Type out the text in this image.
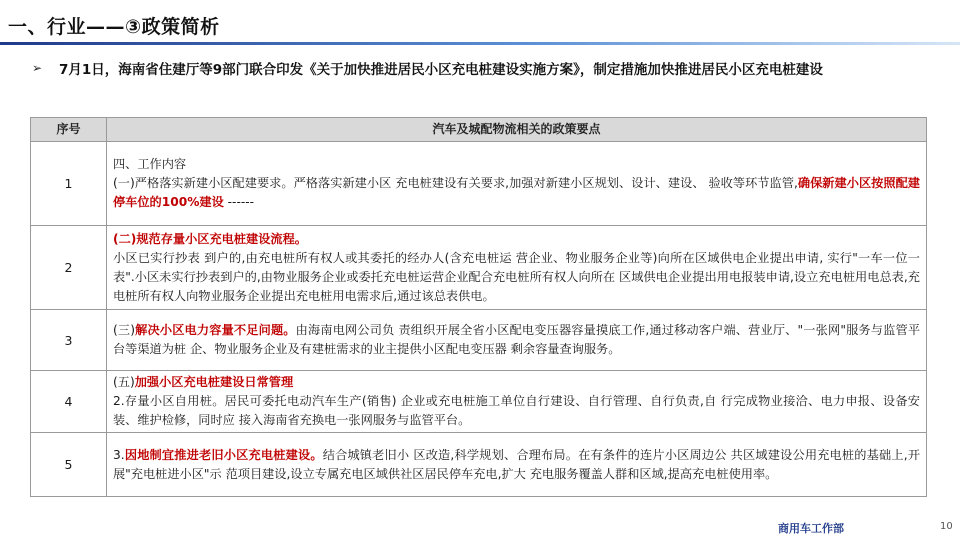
一、行业——③政策简析
➢ 7月1日，海南省住建厅等9部门联合印发《关于加快推进居民小区充电桩建设实施方案》，制定措施加快推进居民小区充电桩建设
序号	汽车及城配物流相关的政策要点
1	四、工作内容
(一)严格落实新建小区配建要求。严格落实新建小区 充电桩建设有关要求,加强对新建小区规划、设计、建设、 验收等环节监管,确保新建小区按照配建停车位的100%建设 ------
2	(二)规范存量小区充电桩建设流程。
小区已实行抄表 到户的,由充电桩所有权人或其委托的经办人(含充电桩运 营企业、物业服务企业等)向所在区域供电企业提出申请, 实行"一车一位一表".小区未实行抄表到户的,由物业服务企业或委托充电桩运营企业配合充电桩所有权人向所在 区域供电企业提出用电报装申请,设立充电桩用电总表,充 电桩所有权人向物业服务企业提出充电桩用电需求后,通过该总表供电。
3	(三)解决小区电力容量不足问题。由海南电网公司负 责组织开展全省小区配电变压器容量摸底工作,通过移动客户端、营业厅、"一张网"服务与监管平台等渠道为桩 企、物业服务企业及有建桩需求的业主提供小区配电变压器 剩余容量查询服务。
4	(五)加强小区充电桩建设日常管理
2.存量小区自用桩。居民可委托电动汽车生产(销售) 企业或充电桩施工单位自行建设、自行管理、自行负责,自 行完成物业接洽、电力申报、设备安装、维护检修，同时应 接入海南省充换电一张网服务与监管平台。
5	3.因地制宜推进老旧小区充电桩建设。结合城镇老旧小 区改造,科学规划、合理布局。在有条件的连片小区周边公 共区域建设公用充电桩的基础上,开展"充电桩进小区"示 范项目建设,设立专属充电区域供社区居民停车充电,扩大 充电服务覆盖人群和区域,提高充电桩使用率。
商用车工作部	10
